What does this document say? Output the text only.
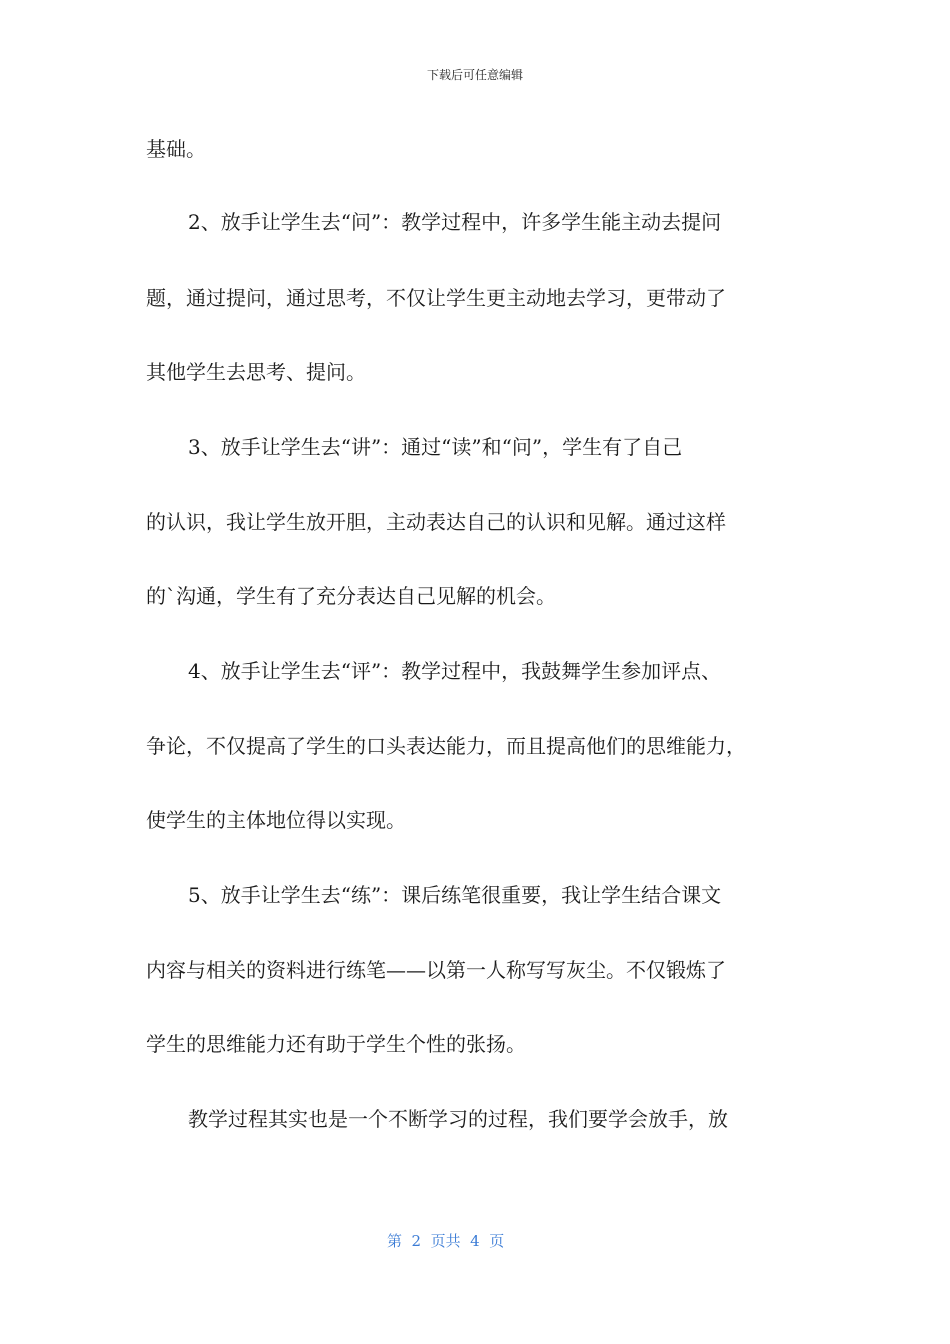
下载后可任意编辑
基础。
2、放手让学生去“问”：教学过程中，许多学生能主动去提问
题，通过提问，通过思考，不仅让学生更主动地去学习，更带动了
其他学生去思考、提问。
3、放手让学生去“讲”：通过“读”和“问”，学生有了自己
的认识，我让学生放开胆，主动表达自己的认识和见解。通过这样
的`沟通，学生有了充分表达自己见解的机会。
4、放手让学生去“评”：教学过程中，我鼓舞学生参加评点、
争论，不仅提高了学生的口头表达能力，而且提高他们的思维能力，
使学生的主体地位得以实现。
5、放手让学生去“练”：课后练笔很重要，我让学生结合课文
内容与相关的资料进行练笔——以第一人称写写灰尘。不仅锻炼了
学生的思维能力还有助于学生个性的张扬。
教学过程其实也是一个不断学习的过程，我们要学会放手，放
第  2  页共  4  页
